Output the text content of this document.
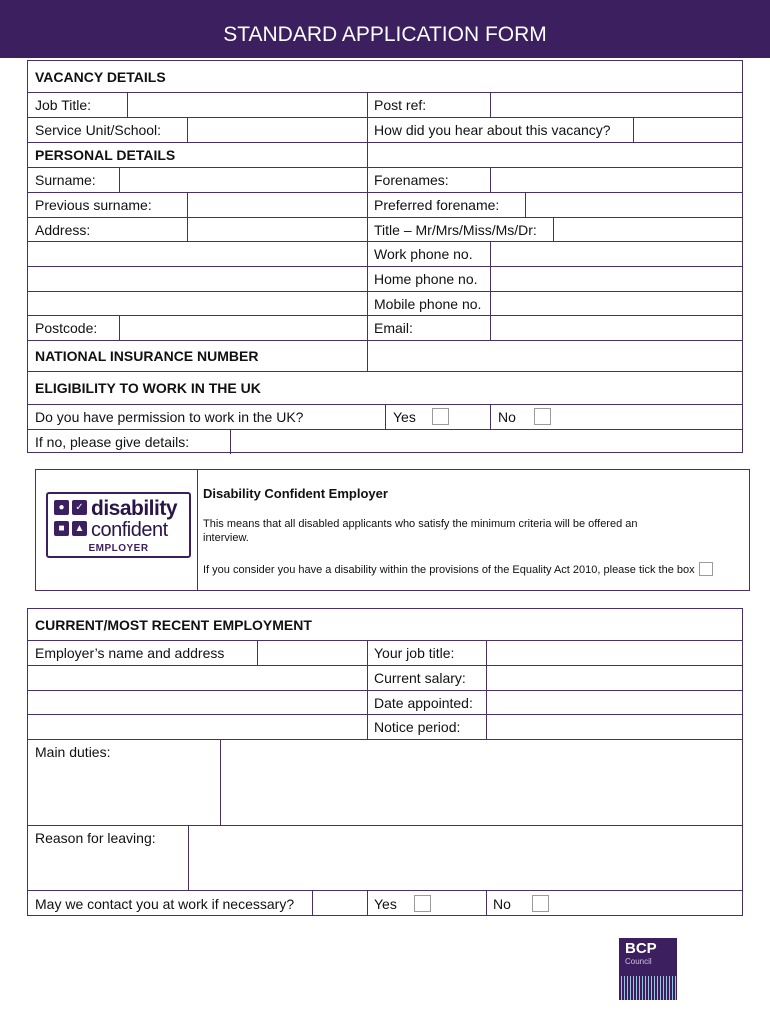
STANDARD APPLICATION FORM
VACANCY DETAILS
Job Title:	Post ref:
Service Unit/School:	How did you hear about this vacancy?
PERSONAL DETAILS
Surname:	Forenames:
Previous surname:	Preferred forename:
Address:	Title – Mr/Mrs/Miss/Ms/Dr:
Work phone no.
Home phone no.
Mobile phone no.
Postcode:	Email:
NATIONAL INSURANCE NUMBER
ELIGIBILITY TO WORK IN THE UK
Do you have permission to work in the UK?	Yes	No
If no, please give details:
●	✓
■	▲
disability
confident
EMPLOYER
Disability Confident Employer
This means that all disabled applicants who satisfy the minimum criteria will be offered an interview.
If you consider you have a disability within the provisions of the Equality Act 2010, please tick the box
CURRENT/MOST RECENT EMPLOYMENT
Employer’s name and address	Your job title:
Current salary:
Date appointed:
Notice period:
Main duties:
Reason for leaving:
May we contact you at work if necessary?	Yes	No
BCP
Council
